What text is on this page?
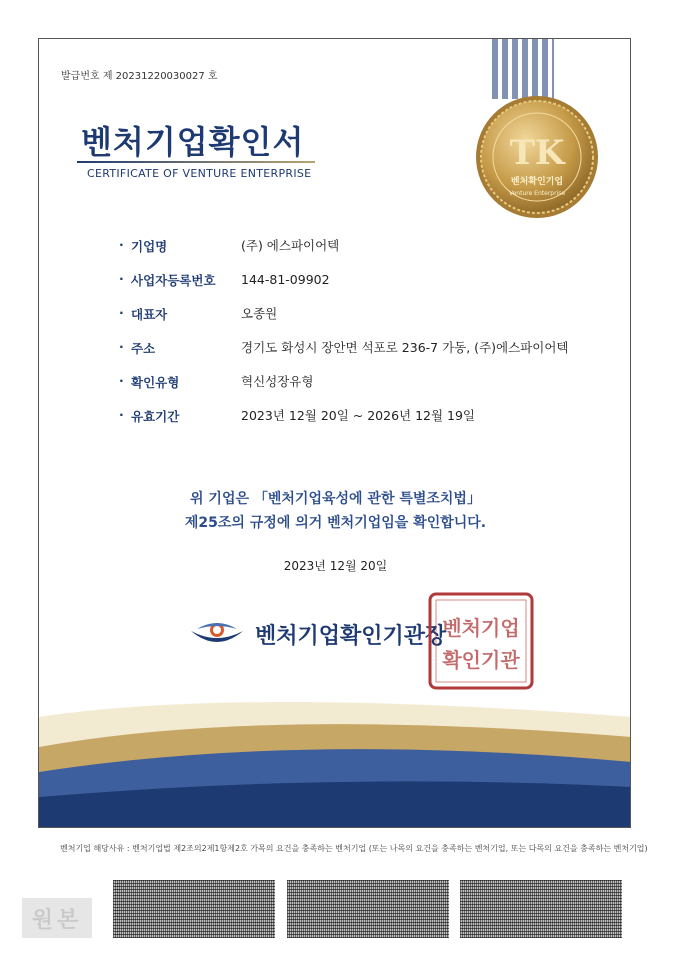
발급번호 제 20231220030027 호
벤처기업확인서
CERTIFICATE OF VENTURE ENTERPRISE
TK
벤처확인기업
Venture Enterprise
· 기업명	(주) 에스파이어텍
· 사업자등록번호	144-81-09902
· 대표자	오종원
· 주소	경기도 화성시 장안면 석포로 236-7 가동, (주)에스파이어텍
· 확인유형	혁신성장유형
· 유효기간	2023년 12월 20일 ~ 2026년 12월 19일
위 기업은 「벤처기업육성에 관한 특별조치법」
제25조의 규정에 의거 벤처기업임을 확인합니다.
2023년 12월 20일
벤처기업확인기관장
벤처기업
확인기관
벤처기업 해당사유 : 벤처기업법 제2조의2제1항제2호 가목의 요건을 충족하는 벤처기업 (또는 나목의 요건을 충족하는 벤처기업, 또는 다목의 요건을 충족하는 벤처기업)
원본
